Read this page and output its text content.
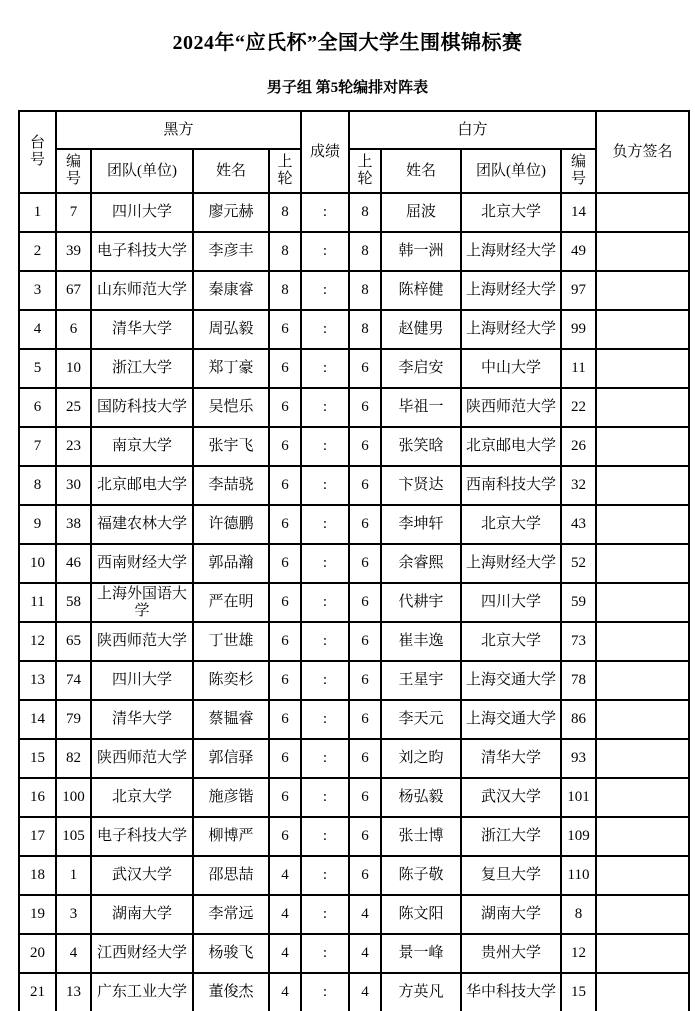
2024年“应氏杯”全国大学生围棋锦标赛
男子组 第5轮编排对阵表
台号	黑方				成绩	白方				负方签名
	编号	团队(单位)	姓名	上轮		上轮	姓名	团队(单位)	编号	
1	7	四川大学	廖元赫	8	:	8	屈波	北京大学	14	
2	39	电子科技大学	李彦丰	8	:	8	韩一洲	上海财经大学	49	
3	67	山东师范大学	秦康睿	8	:	8	陈梓健	上海财经大学	97	
4	6	清华大学	周弘毅	6	:	8	赵健男	上海财经大学	99	
5	10	浙江大学	郑丁豪	6	:	6	李启安	中山大学	11	
6	25	国防科技大学	吴恺乐	6	:	6	毕祖一	陕西师范大学	22	
7	23	南京大学	张宇飞	6	:	6	张笑晗	北京邮电大学	26	
8	30	北京邮电大学	李喆骁	6	:	6	卞贤达	西南科技大学	32	
9	38	福建农林大学	许德鹏	6	:	6	李坤轩	北京大学	43	
10	46	西南财经大学	郭品瀚	6	:	6	余睿熙	上海财经大学	52	
11	58	上海外国语大学	严在明	6	:	6	代耕宇	四川大学	59	
12	65	陕西师范大学	丁世雄	6	:	6	崔丰逸	北京大学	73	
13	74	四川大学	陈奕杉	6	:	6	王星宇	上海交通大学	78	
14	79	清华大学	蔡韫睿	6	:	6	李天元	上海交通大学	86	
15	82	陕西师范大学	郭信驿	6	:	6	刘之昀	清华大学	93	
16	100	北京大学	施彦锴	6	:	6	杨弘毅	武汉大学	101	
17	105	电子科技大学	柳博严	6	:	6	张士博	浙江大学	109	
18	1	武汉大学	邵思喆	4	:	6	陈子敬	复旦大学	110	
19	3	湖南大学	李常远	4	:	4	陈文阳	湖南大学	8	
20	4	江西财经大学	杨骏飞	4	:	4	景一峰	贵州大学	12	
21	13	广东工业大学	董俊杰	4	:	4	方英凡	华中科技大学	15	
